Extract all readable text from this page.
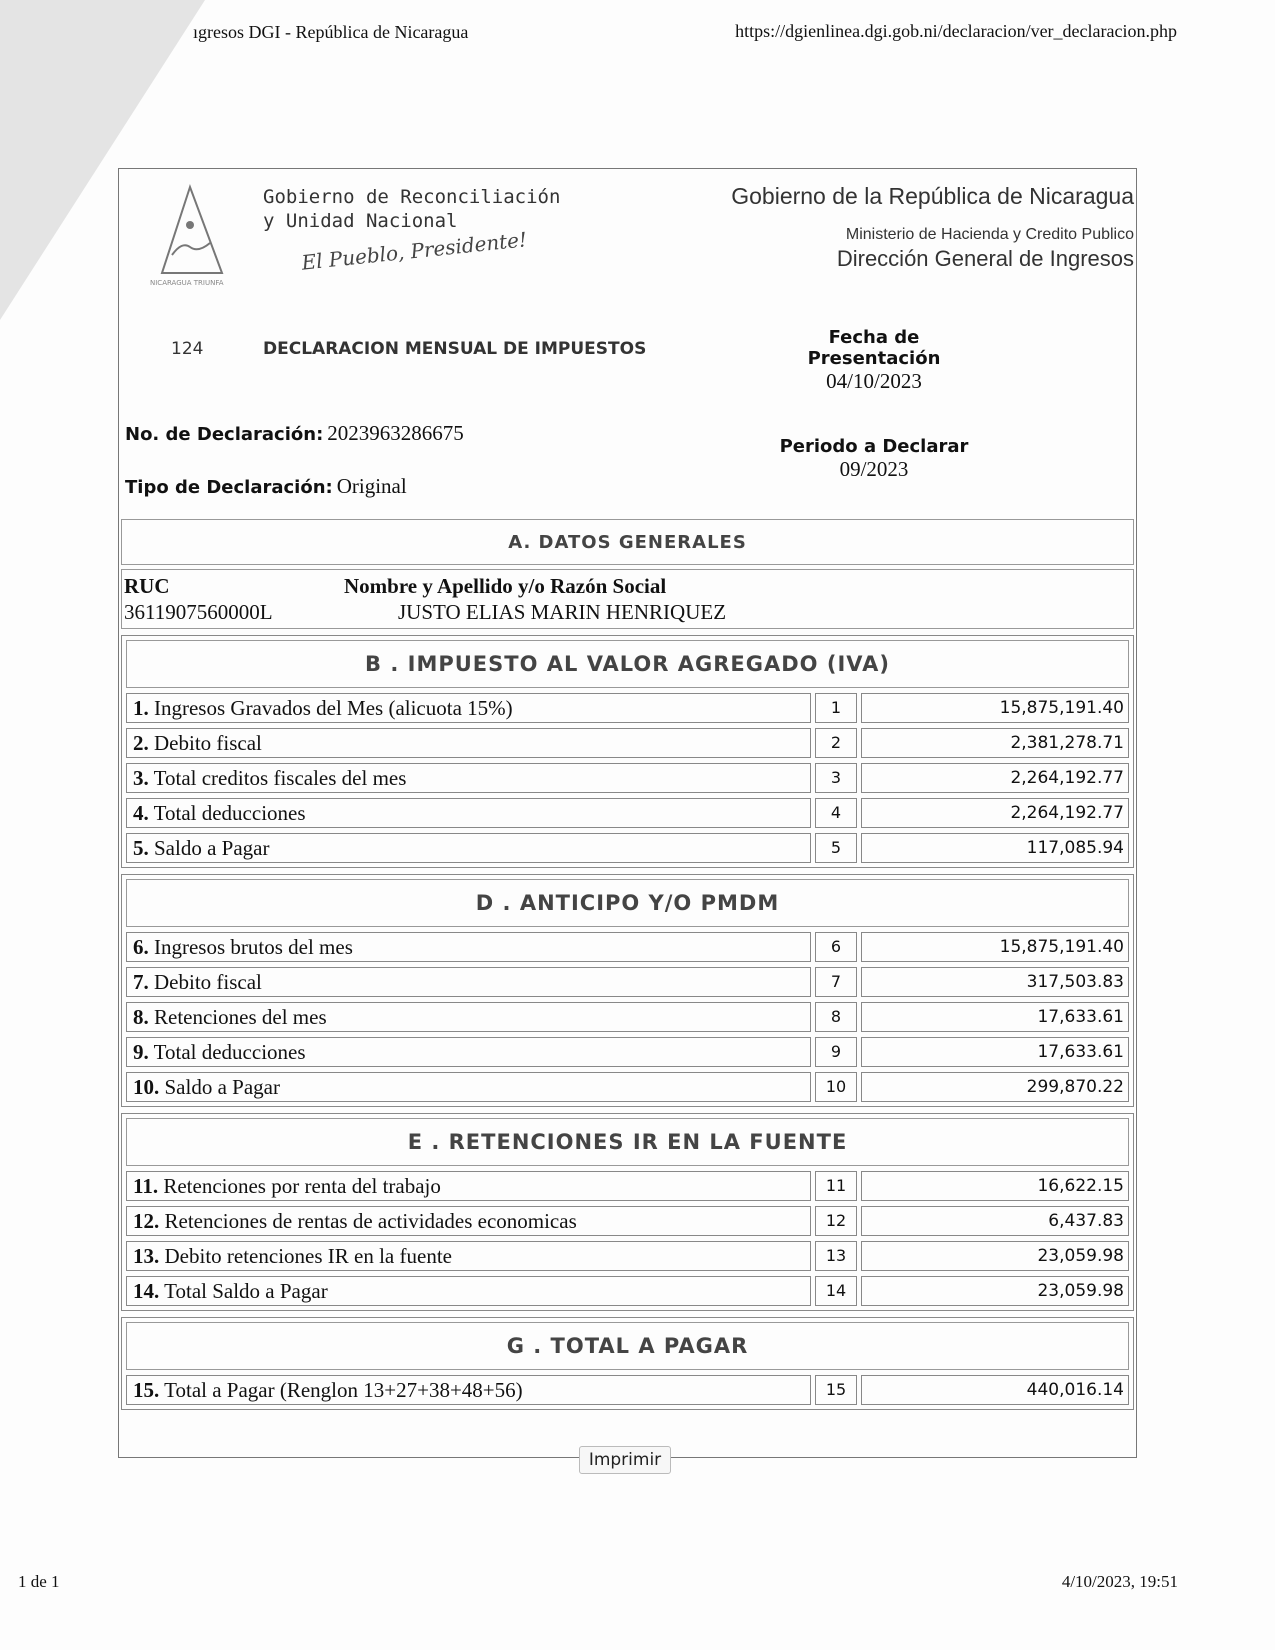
ıgresos DGI - República de Nicaragua	https://dgienlinea.dgi.gob.ni/declaracion/ver_declaracion.php
NICARAGUA TRIUNFA
Gobierno de Reconciliación
y Unidad Nacional
El Pueblo, Presidente!
Gobierno de la República de Nicaragua
Ministerio de Hacienda y Credito Publico
Dirección General de Ingresos
124	DECLARACION MENSUAL DE IMPUESTOS
Fecha de Presentación
04/10/2023
Periodo a Declarar
09/2023
No. de Declaración: 2023963286675
Tipo de Declaración: Original
A. DATOS GENERALES
RUC
3611907560000L
Nombre y Apellido y/o Razón Social
JUSTO ELIAS MARIN HENRIQUEZ
B . IMPUESTO AL VALOR AGREGADO (IVA)
1. Ingresos Gravados del Mes (alicuota 15%)	1	15,875,191.40
2. Debito fiscal	2	2,381,278.71
3. Total creditos fiscales del mes	3	2,264,192.77
4. Total deducciones	4	2,264,192.77
5. Saldo a Pagar	5	117,085.94
D . ANTICIPO Y/O PMDM
6. Ingresos brutos del mes	6	15,875,191.40
7. Debito fiscal	7	317,503.83
8. Retenciones del mes	8	17,633.61
9. Total deducciones	9	17,633.61
10. Saldo a Pagar	10	299,870.22
E . RETENCIONES IR EN LA FUENTE
11. Retenciones por renta del trabajo	11	16,622.15
12. Retenciones de rentas de actividades economicas	12	6,437.83
13. Debito retenciones IR en la fuente	13	23,059.98
14. Total Saldo a Pagar	14	23,059.98
G . TOTAL A PAGAR
15. Total a Pagar (Renglon 13+27+38+48+56)	15	440,016.14
Imprimir
1 de 1	4/10/2023, 19:51
